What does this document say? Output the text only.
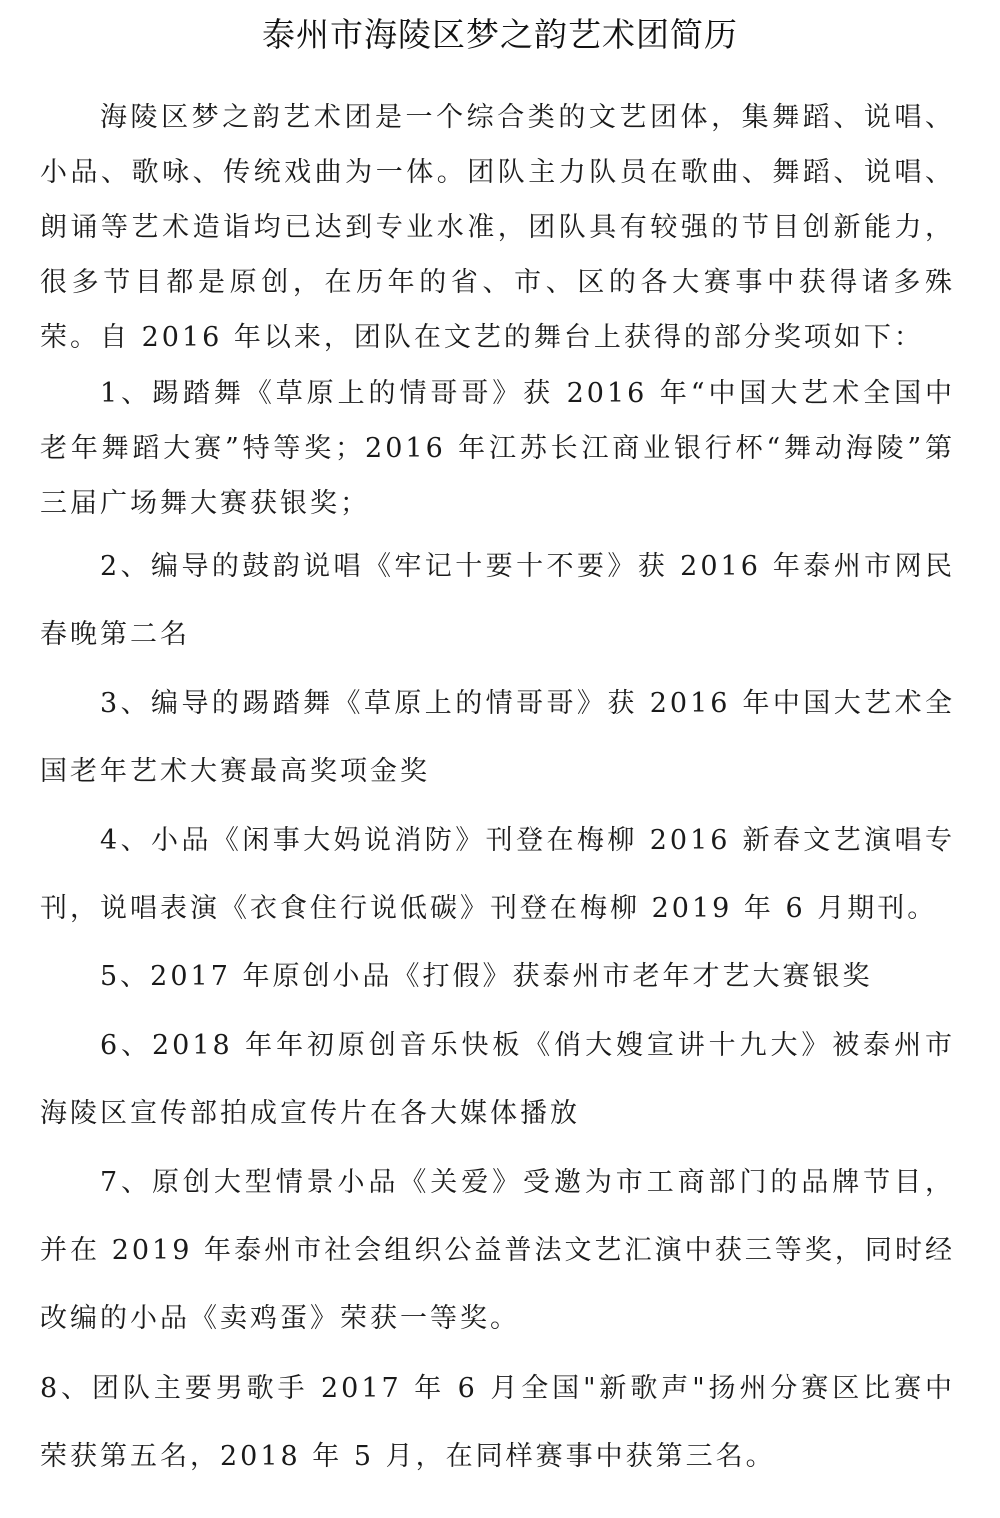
泰州市海陵区梦之韵艺术团简历

海陵区梦之韵艺术团是一个综合类的文艺团体，集舞蹈、说唱、小品、歌咏、传统戏曲为一体。团队主力队员在歌曲、舞蹈、说唱、朗诵等艺术造诣均已达到专业水准，团队具有较强的节目创新能力，很多节目都是原创，在历年的省、市、区的各大赛事中获得诸多殊荣。 自 2016 年以来，团队在文艺的舞台上获得的部分奖项如下：

1、踢踏舞《草原上的情哥哥》获 2016 年“中国大艺术全国中老年舞蹈大赛”特等奖；2016 年江苏长江商业银行杯“舞动海陵”第三届广场舞大赛获银奖；

2、编导的鼓韵说唱《牢记十要十不要》获 2016 年泰州市网民春晚第二名

3、编导的踢踏舞《草原上的情哥哥》获 2016 年中国大艺术全国老年艺术大赛最高奖项金奖

4、小品《闲事大妈说消防》刊登在梅柳 2016 新春文艺演唱专刊，说唱表演《衣食住行说低碳》刊登在梅柳 2019 年 6 月期刊。

5、2017 年原创小品《打假》获泰州市老年才艺大赛银奖

6、2018 年年初原创音乐快板《俏大嫂宣讲十九大》被泰州市海陵区宣传部拍成宣传片在各大媒体播放

7、原创大型情景小品《关爱》受邀为市工商部门的品牌节目，并在 2019 年泰州市社会组织公益普法文艺汇演中获三等奖，同时经改编的小品《卖鸡蛋》荣获一等奖。

8、团队主要男歌手 2017 年 6 月全国"新歌声"扬州分赛区比赛中荣获第五名，2018 年 5 月，在同样赛事中获第三名。
